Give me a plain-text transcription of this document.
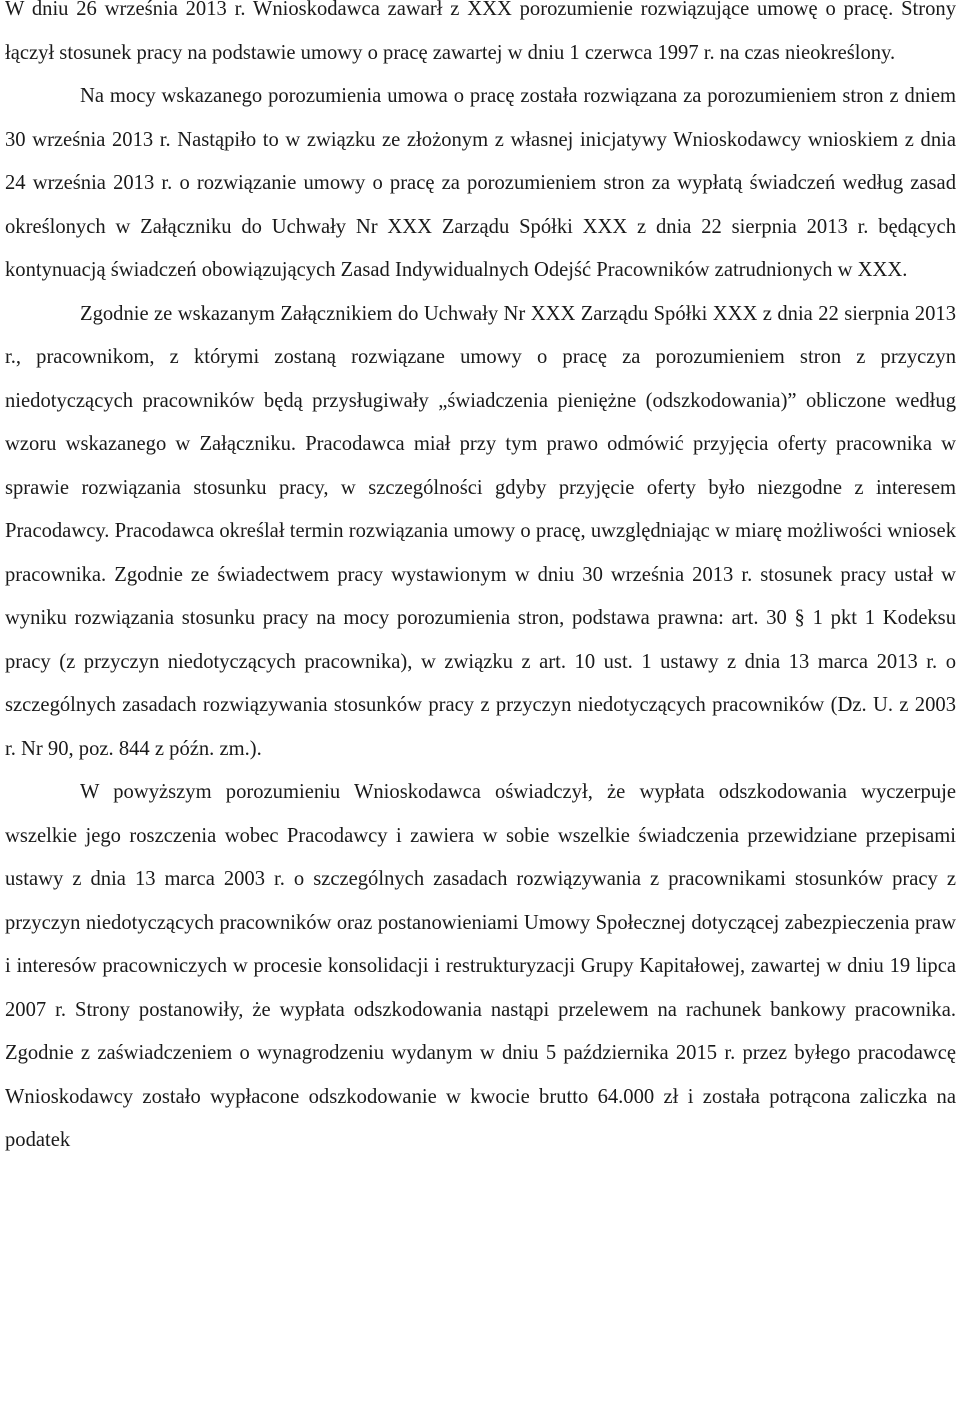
W dniu 26 września 2013 r. Wnioskodawca zawarł z XXX porozumienie rozwiązujące umowę o pracę. Strony łączył stosunek pracy na podstawie umowy o pracę zawartej w dniu 1 czerwca 1997 r. na czas nieokreślony.

Na mocy wskazanego porozumienia umowa o pracę została rozwiązana za porozumieniem stron z dniem 30 września 2013 r. Nastąpiło to w związku ze złożonym z własnej inicjatywy Wnioskodawcy wnioskiem z dnia 24 września 2013 r. o rozwiązanie umowy o pracę za porozumieniem stron za wypłatą świadczeń według zasad określonych w Załączniku do Uchwały Nr XXX Zarządu Spółki XXX z dnia 22 sierpnia 2013 r. będących kontynuacją świadczeń obowiązujących Zasad Indywidualnych Odejść Pracowników zatrudnionych w XXX.

Zgodnie ze wskazanym Załącznikiem do Uchwały Nr XXX Zarządu Spółki XXX z dnia 22 sierpnia 2013 r., pracownikom, z którymi zostaną rozwiązane umowy o pracę za porozumieniem stron z przyczyn niedotyczących pracowników będą przysługiwały „świadczenia pieniężne (odszkodowania)” obliczone według wzoru wskazanego w Załączniku. Pracodawca miał przy tym prawo odmówić przyjęcia oferty pracownika w sprawie rozwiązania stosunku pracy, w szczególności gdyby przyjęcie oferty było niezgodne z interesem Pracodawcy. Pracodawca określał termin rozwiązania umowy o pracę, uwzględniając w miarę możliwości wniosek pracownika. Zgodnie ze świadectwem pracy wystawionym w dniu 30 września 2013 r. stosunek pracy ustał w wyniku rozwiązania stosunku pracy na mocy porozumienia stron, podstawa prawna: art. 30 § 1 pkt 1 Kodeksu pracy (z przyczyn niedotyczących pracownika), w związku z art. 10 ust. 1 ustawy z dnia 13 marca 2013 r. o szczególnych zasadach rozwiązywania stosunków pracy z przyczyn niedotyczących pracowników (Dz. U. z 2003 r. Nr 90, poz. 844 z późn. zm.).

W powyższym porozumieniu Wnioskodawca oświadczył, że wypłata odszkodowania wyczerpuje wszelkie jego roszczenia wobec Pracodawcy i zawiera w sobie wszelkie świadczenia przewidziane przepisami ustawy z dnia 13 marca 2003 r. o szczególnych zasadach rozwiązywania z pracownikami stosunków pracy z przyczyn niedotyczących pracowników oraz postanowieniami Umowy Społecznej dotyczącej zabezpieczenia praw i interesów pracowniczych w procesie konsolidacji i restrukturyzacji Grupy Kapitałowej, zawartej w dniu 19 lipca 2007 r. Strony postanowiły, że wypłata odszkodowania nastąpi przelewem na rachunek bankowy pracownika. Zgodnie z zaświadczeniem o wynagrodzeniu wydanym w dniu 5 października 2015 r. przez byłego pracodawcę Wnioskodawcy zostało wypłacone odszkodowanie w kwocie brutto 64.000 zł i została potrącona zaliczka na podatek
